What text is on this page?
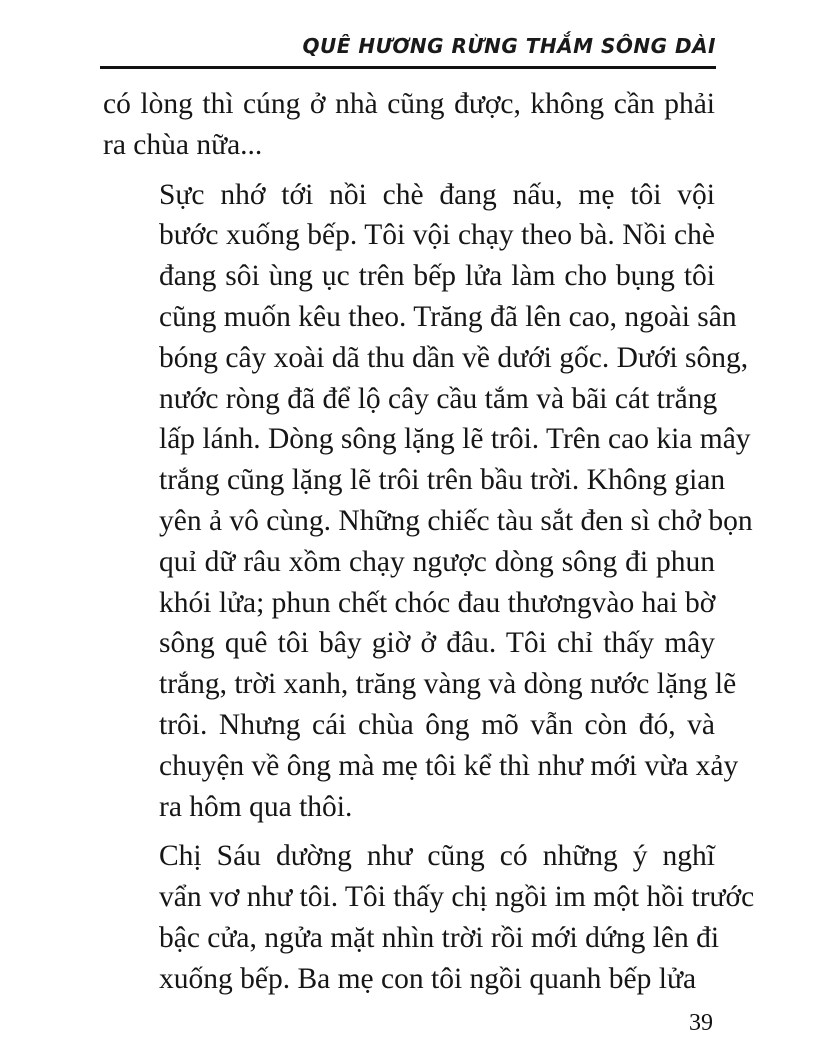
QUÊ HƯƠNG RỪNG THẮM SÔNG DÀI

có lòng thì cúng ở nhà cũng được, không cần phải
ra chùa nữa...

Sực nhớ tới nồi chè đang nấu, mẹ tôi vội
bước xuống bếp. Tôi vội chạy theo bà. Nồi chè
đang sôi ùng ục trên bếp lửa làm cho bụng tôi
cũng muốn kêu theo. Trăng đã lên cao, ngoài sân
bóng cây xoài dã thu dần về dưới gốc. Dưới sông,
nước ròng đã để lộ cây cầu tắm và bãi cát trắng
lấp lánh. Dòng sông lặng lẽ trôi. Trên cao kia mây
trắng cũng lặng lẽ trôi trên bầu trời. Không gian
yên ả vô cùng. Những chiếc tàu sắt đen sì chở bọn
quỉ dữ râu xồm chạy ngược dòng sông đi phun
khói lửa; phun chết chóc đau thươngvào hai bờ
sông quê tôi bây giờ ở đâu. Tôi chỉ thấy mây
trắng, trời xanh, trăng vàng và dòng nước lặng lẽ
trôi. Nhưng cái chùa ông mõ vẫn còn đó, và
chuyện về ông mà mẹ tôi kể thì như mới vừa xảy
ra hôm qua thôi.

Chị Sáu dường như cũng có những ý nghĩ
vẩn vơ như tôi. Tôi thấy chị ngồi im một hồi trước
bậc cửa, ngửa mặt nhìn trời rồi mới dứng lên đi
xuống bếp. Ba mẹ con tôi ngồi quanh bếp lửa

39
